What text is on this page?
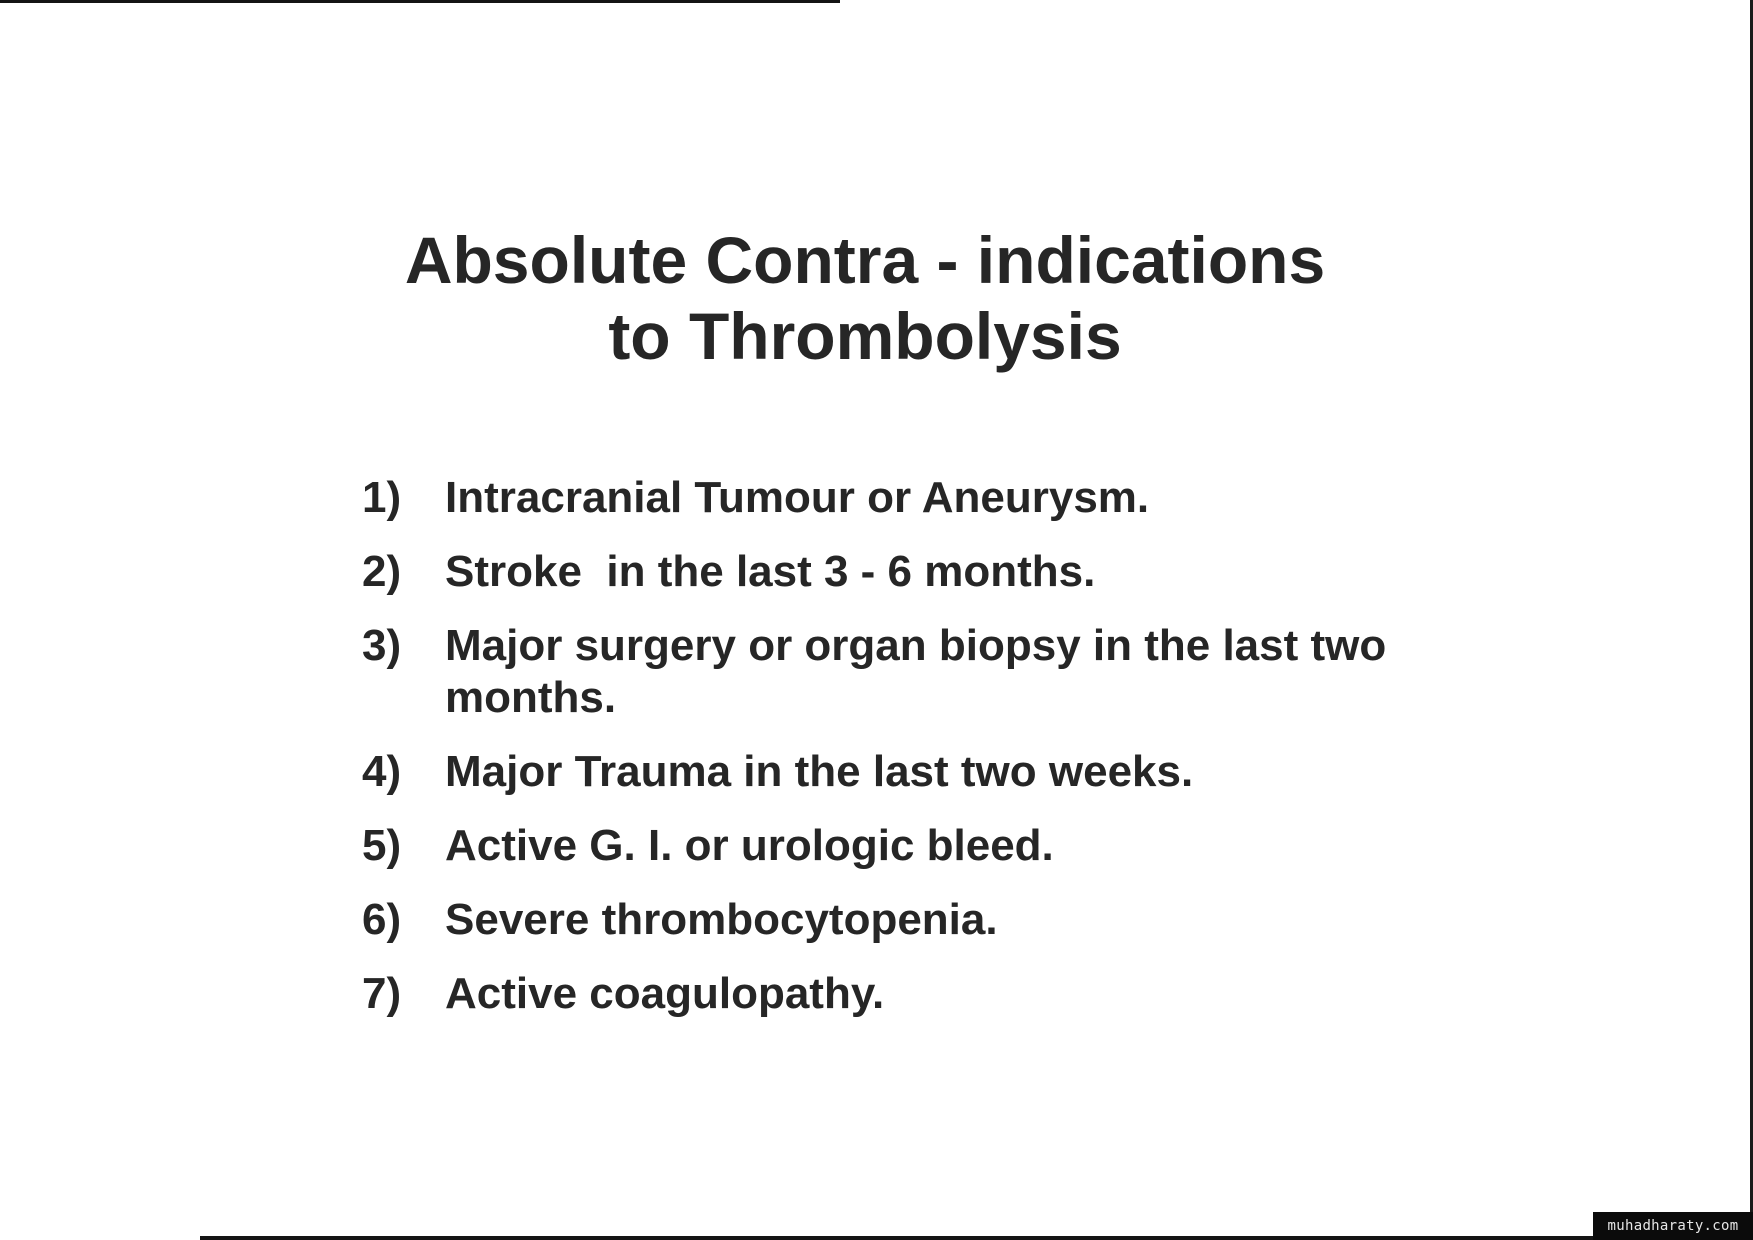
Absolute Contra - indications
to Thrombolysis
1) Intracranial Tumour or Aneurysm.
2) Stroke  in the last 3 - 6 months.
3) Major surgery or organ biopsy in the last two months.
4) Major Trauma in the last two weeks.
5) Active G. I. or urologic bleed.
6) Severe thrombocytopenia.
7) Active coagulopathy.
muhadharaty.com
